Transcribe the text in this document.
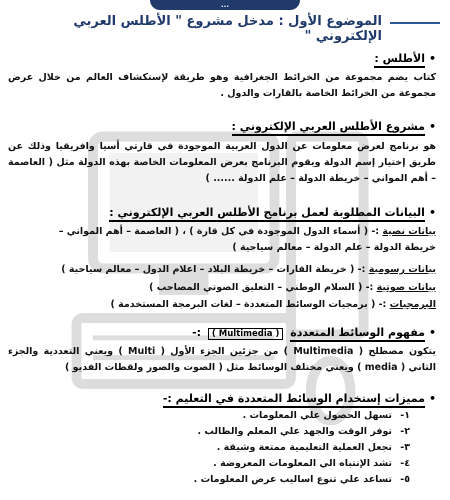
...
الموضوع الأول : مدخل مشروع " الأطلس العربي الإلكتروني "
•الأطلس :
كتاب يضم مجموعة من الخرائط الجغرافية وهو طريقة لإستكشاف العالم من خلال عرض مجموعة من الخرائط الخاصة بالقارات والدول .
•مشروع الأطلس العربي الإلكتروني :
هو برنامج لعرض معلومات عن الدول العربية الموجودة في قارتي أسيا وافريقيا وذلك عن طريق إختيار إسم الدولة ويقوم البرنامج بعرض المعلومات الخاصة بهذه الدولة مثل ( العاصمة – أهم المواني – خريطة الدولة – علم الدولة ...... )
•البيانات المطلوبة لعمل برنامج الأطلس العربي الإلكتروني :
بيانات نصية :- ( أسماء الدول الموجودة في كل قارة ) ، ( العاصمة – أهم المواني –
خريطة الدولة – علم الدولة – معالم سياحية )
بيانات رسومية :- ( خريطة القارات – خريطة البلاد – اعلام الدول – معالم سياحية )
بيانات صوتية :- ( السلام الوطني – التعليق الصوتي المصاحب )
البرمجيات :- ( برمجيات الوسائط المتعددة – لغات البرمجة المستخدمة )
•مفهوم الوسائط المتعددة ( Multimedia ) :-
يتكون مصطلح ( Multimedia ) من جزئين الجزء الأول ( Multi ) ويعني التعددية والجزء الثاني ( media ) ويعني مختلف الوسائط مثل ( الصوت والصور ولقطات الفديو )
•مميزات إستخدام الوسائط المتعددة في التعليم :-
١-تسهل الحصول علي المعلومات .
٢-توفر الوقت والجهد علي المعلم والطالب .
٣-تجعل العملية التعليمية ممتعة وشيقة .
٤-تشد الإنتباه الي المعلومات المعروضة .
٥-تساعد علي تنوع اساليب عرض المعلومات .
